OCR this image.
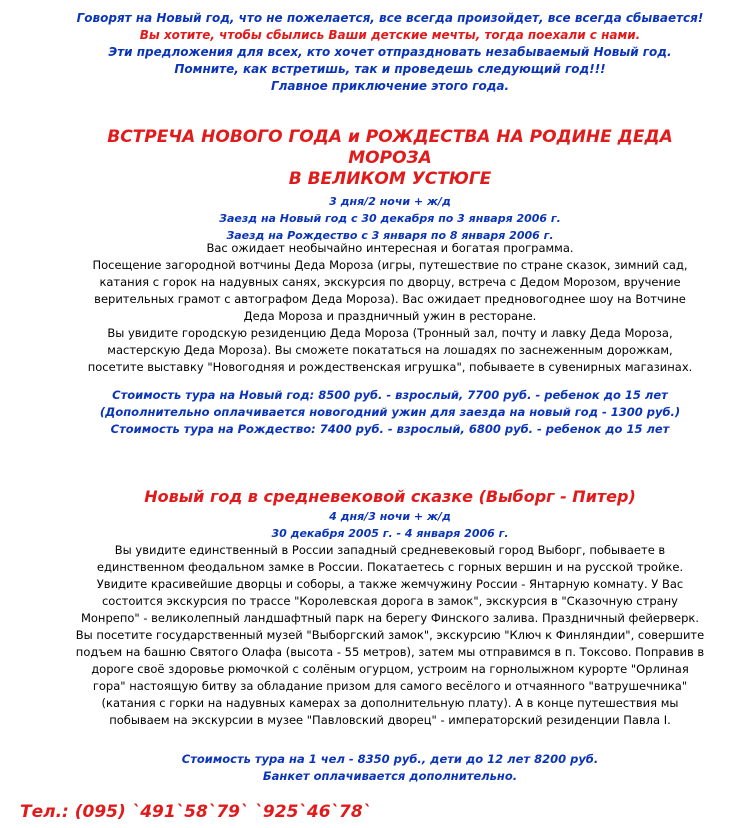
Говорят на Новый год, что не пожелается, все всегда произойдет, все всегда сбывается!
Вы хотите, чтобы сбылись Ваши детские мечты, тогда поехали с нами.
Эти предложения для всех, кто хочет отпраздновать незабываемый Новый год.
Помните, как встретишь, так и проведешь следующий год!!!
Главное приключение этого года.
ВСТРЕЧА НОВОГО ГОДА и РОЖДЕСТВА НА РОДИНЕ ДЕДА МОРОЗА
В ВЕЛИКОМ УСТЮГЕ
3 дня/2 ночи + ж/д
Заезд на Новый год с 30 декабря по 3 января 2006 г.
Заезд на Рождество с 3 января по 8 января 2006 г.

Вас ожидает необычайно интересная и богатая программа.

Посещение загородной вотчины Деда Мороза (игры, путешествие по стране сказок, зимний сад, катания с горок на надувных санях, экскурсия по дворцу, встреча с Дедом Морозом, вручение верительных грамот с автографом Деда Мороза). Вас ожидает предновогоднее шоу на Вотчине Деда Мороза и праздничный ужин в ресторане.

Вы увидите городскую резиденцию Деда Мороза (Тронный зал, почту и лавку Деда Мороза, мастерскую Деда Мороза). Вы сможете покататься на лошадях по заснеженным дорожкам, посетите выставку "Новогодняя и рождественская игрушка", побываете в сувенирных магазинах.

Стоимость тура на Новый год: 8500 руб. - взрослый, 7700 руб. - ребенок до 15 лет

(Дополнительно оплачивается новогодний ужин для заезда на новый год - 1300 руб.)

Стоимость тура на Рождество: 7400 руб. - взрослый, 6800 руб. - ребенок до 15 лет

Новый год в средневековой сказке (Выборг - Питер)
4 дня/3 ночи + ж/д
30 декабря 2005 г. - 4 января 2006 г.

Вы увидите единственный в России западный средневековый город Выборг, побываете в единственном феодальном замке в России. Покатаетесь с горных вершин и на русской тройке. Увидите красивейшие дворцы и соборы, а также жемчужину России - Янтарную комнату. У Вас состоится экскурсия по трассе "Королевская дорога в замок", экскурсия в "Сказочную страну Монрепо" - великолепный ландшафтный парк на берегу Финского залива. Праздничный фейерверк. Вы посетите государственный музей "Выборгский замок", экскурсию "Ключ к Финляндии", совершите подъем на башню Святого Олафа (высота - 55 метров), затем мы отправимся в п. Токсово. Поправив в дороге своё здоровье рюмочкой с солёным огурцом, устроим на горнолыжном курорте "Орлиная гора" настоящую битву за обладание призом для самого весёлого и отчаянного "ватрушечника" (катания с горки на надувных камерах за дополнительную плату). А в конце путешествия мы побываем на экскурсии в музее "Павловский дворец" - императорский резиденции Павла I.

Стоимость тура на 1 чел - 8350 руб., дети до 12 лет 8200 руб.

Банкет оплачивается дополнительно.

Тел.: (095) `491`58`79` `925`46`78`
